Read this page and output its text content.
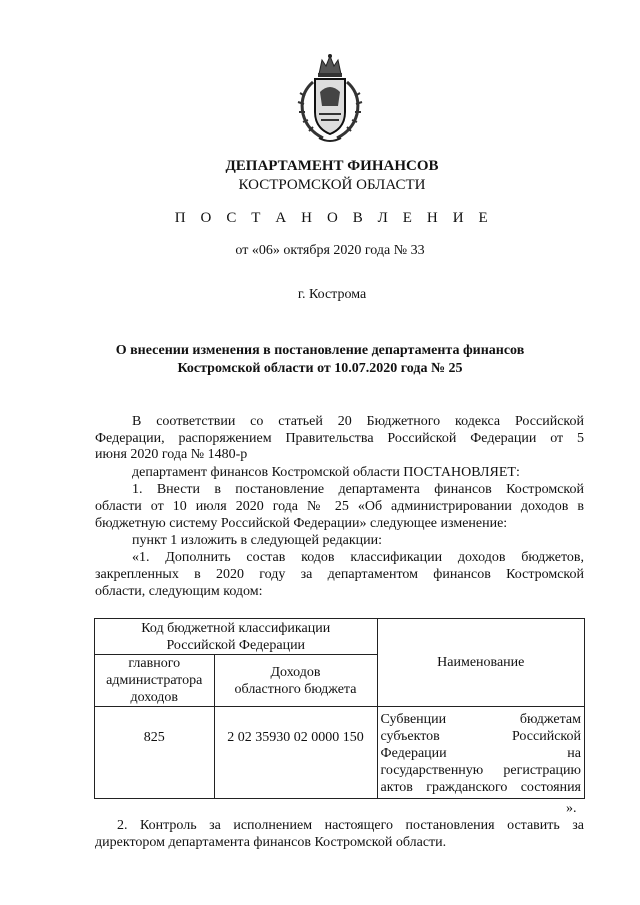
ДЕПАРТАМЕНТ ФИНАНСОВ
КОСТРОМСКОЙ ОБЛАСТИ
П О С Т А Н О В Л Е Н И Е
от «06» октября 2020 года № 33
г. Кострома
О внесении изменения в постановление департамента финансов
Костромской области от 10.07.2020 года № 25
В соответствии со статьей 20 Бюджетного кодекса Российской
Федерации, распоряжением Правительства Российской Федерации от 5
июня 2020 года № 1480-р
департамент финансов Костромской области ПОСТАНОВЛЯЕТ:
1. Внести в постановление департамента финансов Костромской
области от 10 июля 2020 года № 25 «Об администрировании доходов в
бюджетную систему Российской Федерации» следующее изменение:
пункт 1 изложить в следующей редакции:
«1. Дополнить состав кодов классификации доходов бюджетов,
закрепленных в 2020 году за департаментом финансов Костромской
области, следующим кодом:
Код бюджетной классификации
Российской Федерации		Наименование

главного
администратора
доходов	Доходов
областного бюджета	

825	2 02 35930 02 0000 150	Субвенции бюджетам
субъектов Российской
Федерации на
государственную регистрацию
актов гражданского состояния
».
2. Контроль за исполнением настоящего постановления оставить за
директором департамента финансов Костромской области.
